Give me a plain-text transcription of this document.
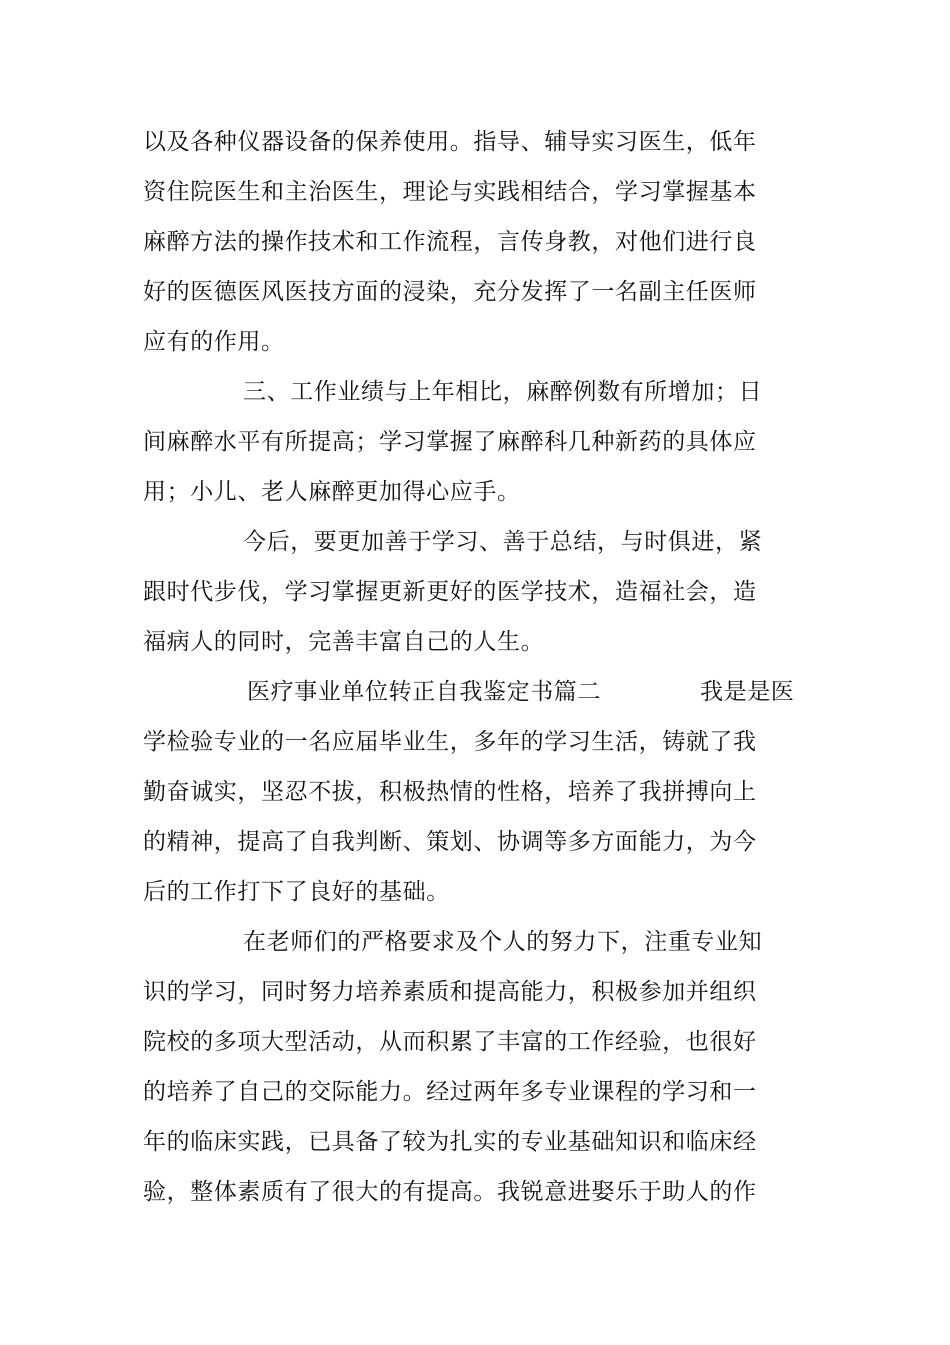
以及各种仪器设备的保养使用。指导、辅导实习医生，低年
资住院医生和主治医生，理论与实践相结合，学习掌握基本
麻醉方法的操作技术和工作流程，言传身教，对他们进行良
好的医德医风医技方面的浸染，充分发挥了一名副主任医师
应有的作用。
三、工作业绩与上年相比，麻醉例数有所增加；日
间麻醉水平有所提高；学习掌握了麻醉科几种新药的具体应
用；小儿、老人麻醉更加得心应手。
今后，要更加善于学习、善于总结，与时俱进，紧
跟时代步伐，学习掌握更新更好的医学技术，造福社会，造
福病人的同时，完善丰富自己的人生。
医疗事业单位转正自我鉴定书篇二	我是是医
学检验专业的一名应届毕业生，多年的学习生活，铸就了我
勤奋诚实，坚忍不拔，积极热情的性格，培养了我拼搏向上
的精神，提高了自我判断、策划、协调等多方面能力，为今
后的工作打下了良好的基础。
在老师们的严格要求及个人的努力下，注重专业知
识的学习，同时努力培养素质和提高能力，积极参加并组织
院校的多项大型活动，从而积累了丰富的工作经验，也很好
的培养了自己的交际能力。经过两年多专业课程的学习和一
年的临床实践，已具备了较为扎实的专业基础知识和临床经
验，整体素质有了很大的有提高。我锐意进娶乐于助人的作
